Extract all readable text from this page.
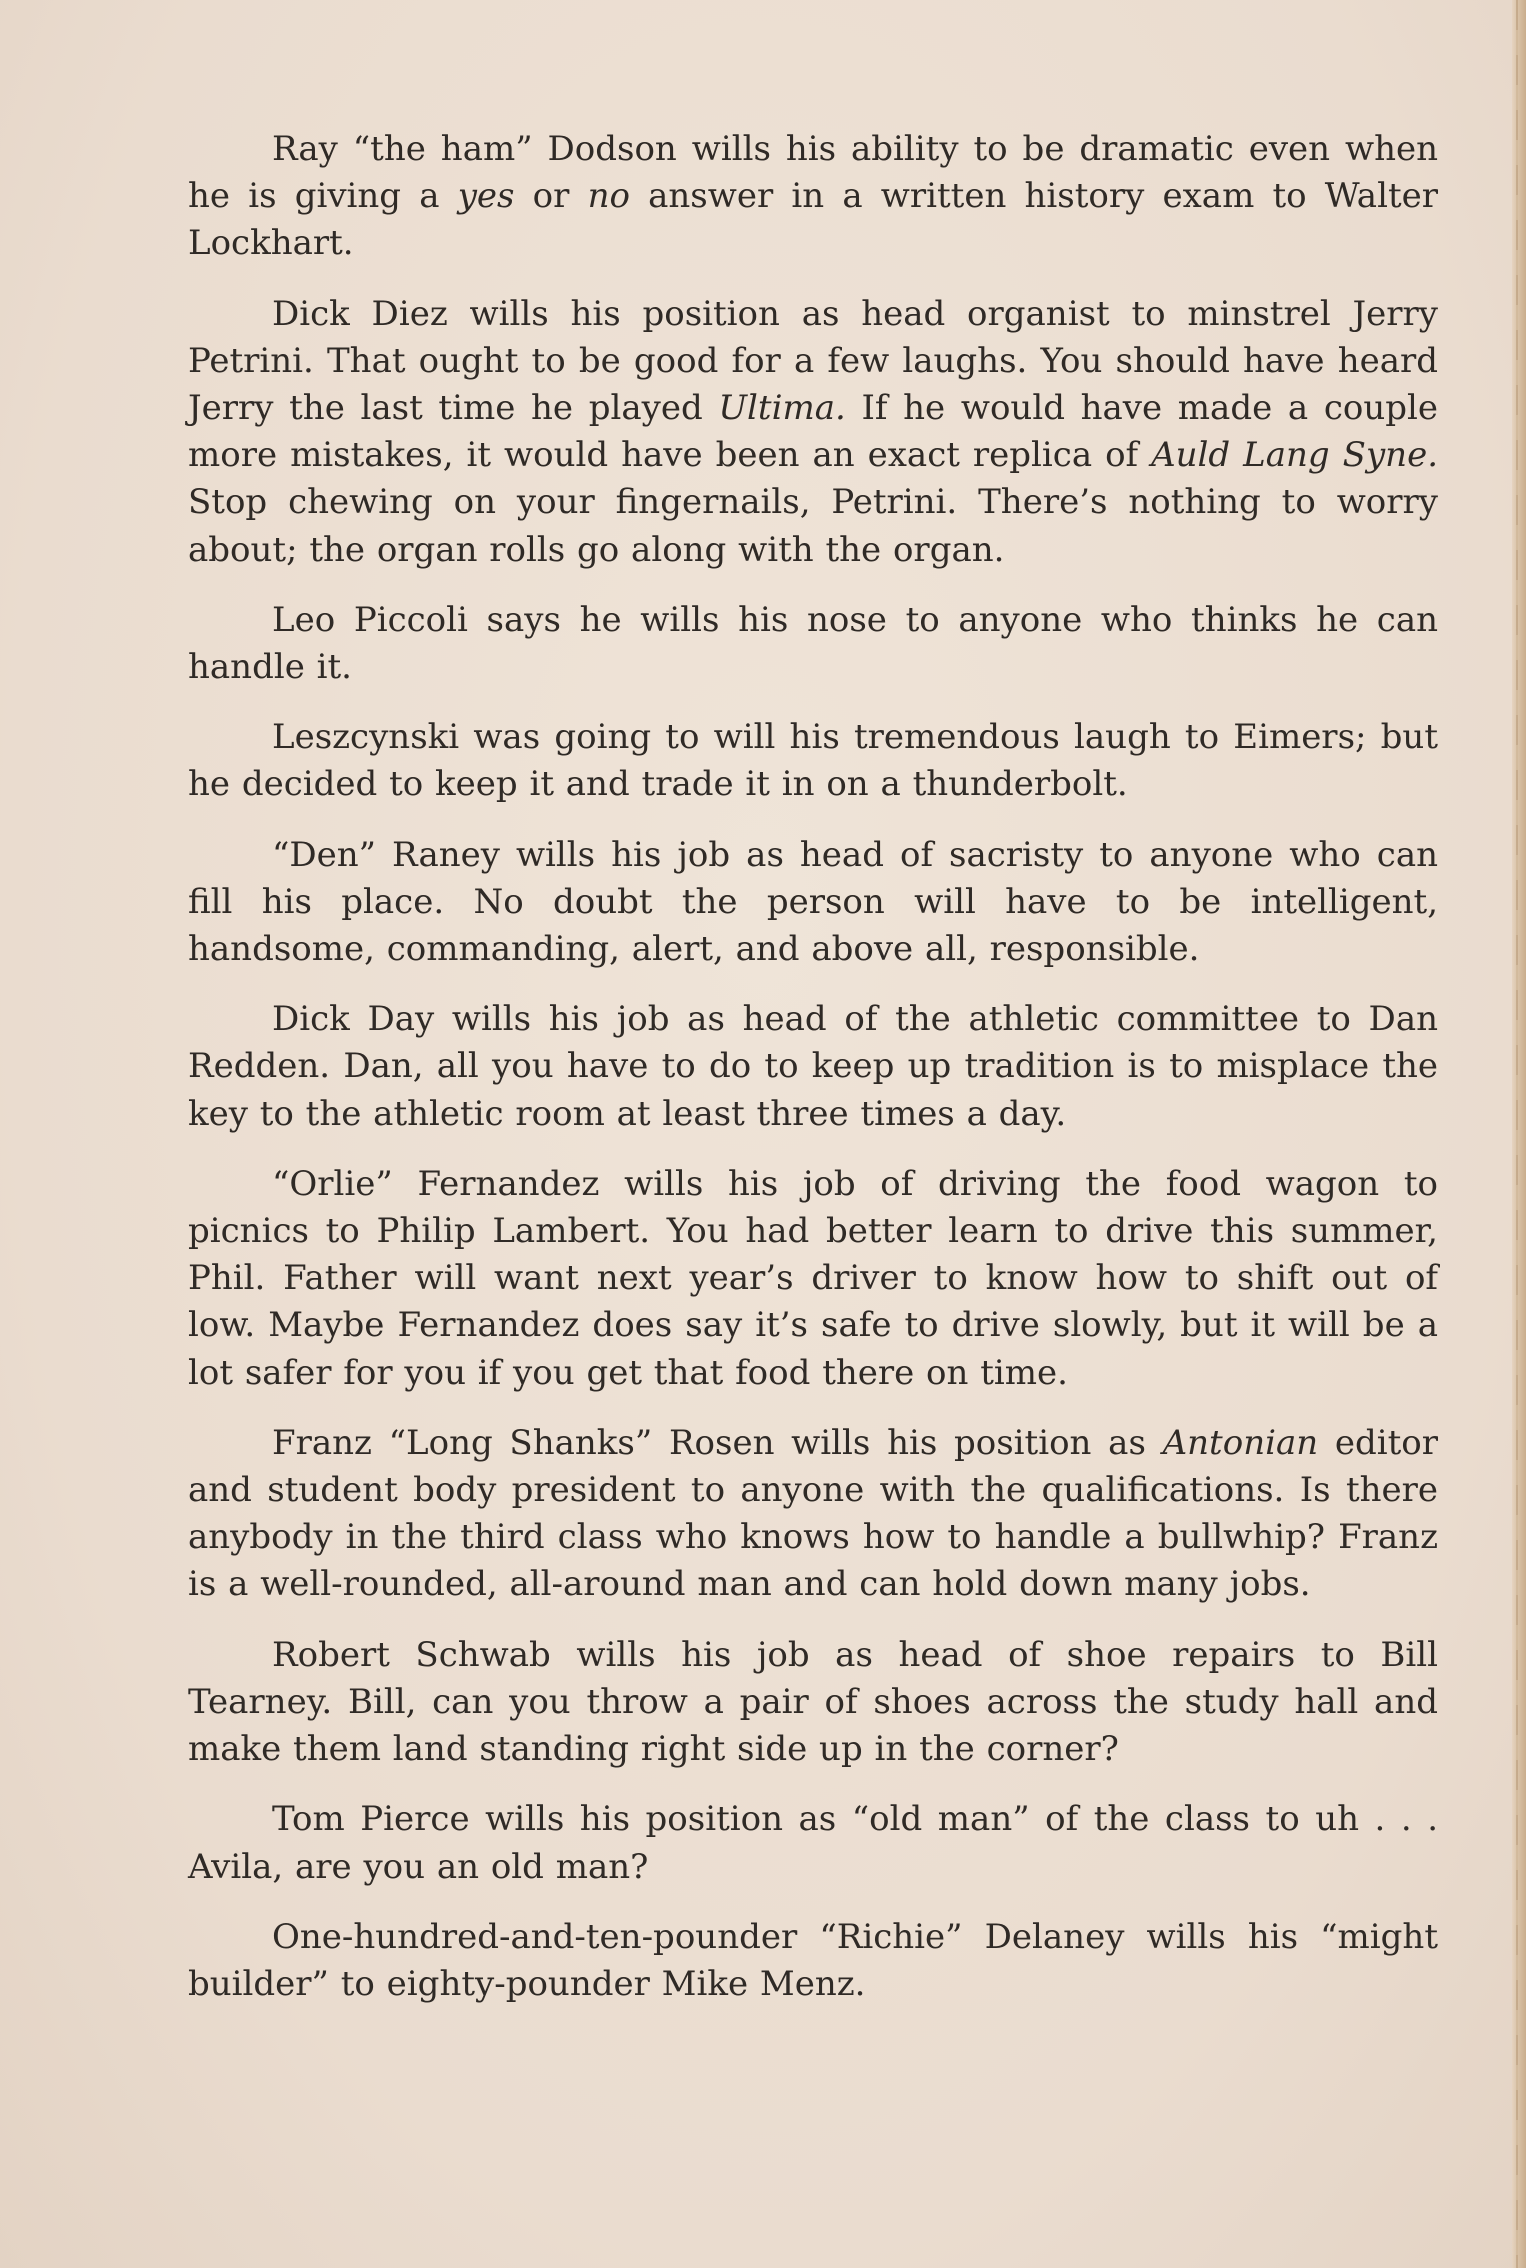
Ray “the ham” Dodson wills his ability to be dramatic even when he is giving a yes or no answer in a written history exam to Walter Lockhart.

Dick Diez wills his position as head organist to minstrel Jerry Petrini. That ought to be good for a few laughs. You should have heard Jerry the last time he played Ultima. If he would have made a couple more mistakes, it would have been an exact replica of Auld Lang Syne. Stop chewing on your fingernails, Petrini. There’s nothing to worry about; the organ rolls go along with the organ.

Leo Piccoli says he wills his nose to anyone who thinks he can handle it.

Leszcynski was going to will his tremendous laugh to Eimers; but he decided to keep it and trade it in on a thunderbolt.

“Den” Raney wills his job as head of sacristy to anyone who can fill his place. No doubt the person will have to be intelligent, handsome, commanding, alert, and above all, responsible.

Dick Day wills his job as head of the athletic committee to Dan Redden. Dan, all you have to do to keep up tradition is to misplace the key to the athletic room at least three times a day.

“Orlie” Fernandez wills his job of driving the food wagon to picnics to Philip Lambert. You had better learn to drive this summer, Phil. Father will want next year’s driver to know how to shift out of low. Maybe Fernandez does say it’s safe to drive slowly, but it will be a lot safer for you if you get that food there on time.

Franz “Long Shanks” Rosen wills his position as Antonian editor and student body president to anyone with the qualifications. Is there anybody in the third class who knows how to handle a bullwhip? Franz is a well-rounded, all-around man and can hold down many jobs.

Robert Schwab wills his job as head of shoe repairs to Bill Tearney. Bill, can you throw a pair of shoes across the study hall and make them land standing right side up in the corner?

Tom Pierce wills his position as “old man” of the class to uh . . . Avila, are you an old man?

One-hundred-and-ten-pounder “Richie” Delaney wills his “might builder” to eighty-pounder Mike Menz.
